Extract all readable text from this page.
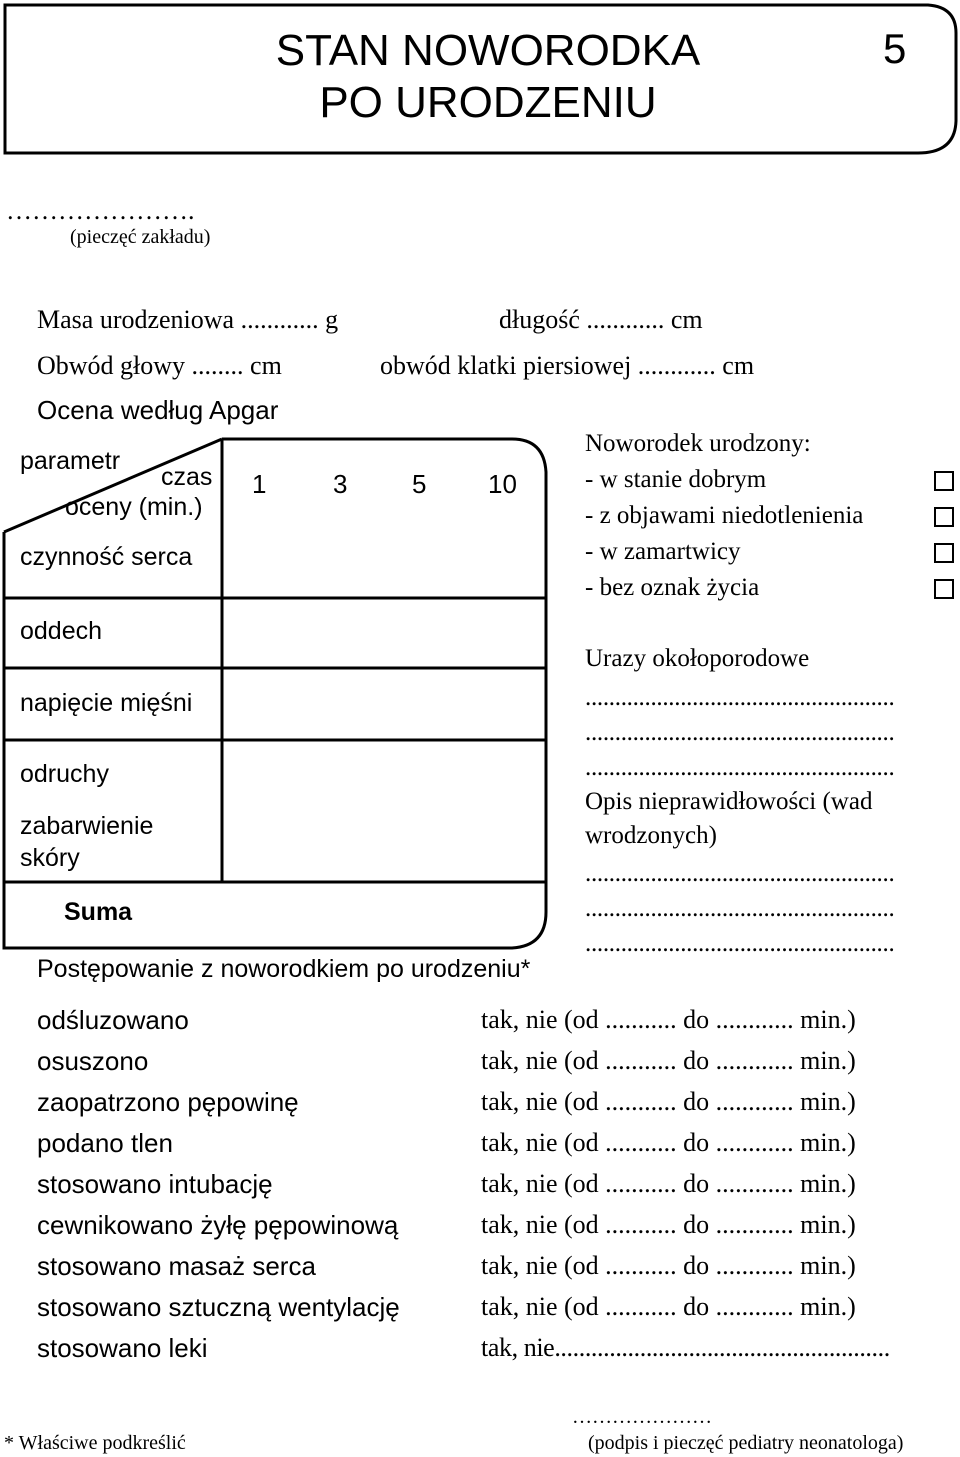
STAN NOWORODKA
PO URODZENIU
5
………………….
(pieczęć zakładu)
Masa urodzeniowa ............ g	długość ............ cm
Obwód głowy ........ cm	obwód klatki piersiowej ............ cm
Ocena według Apgar
parametr
czas
oceny (min.)
1	3 5 10
czynność serca
oddech
napięcie mięśni
odruchy
zabarwienie
skóry
Suma
Noworodek urodzony:
- w stanie dobrym
- z objawami niedotlenienia
- w zamartwicy
- bez oznak życia
Urazy okołoporodowe
....................................................
....................................................
....................................................
Opis nieprawidłowości (wad
wrodzonych)
....................................................
....................................................
....................................................
Postępowanie z noworodkiem po urodzeniu*
odśluzowano	tak, nie (od ........... do ............ min.)
osuszono	tak, nie (od ........... do ............ min.)
zaopatrzono pępowinę	tak, nie (od ........... do ............ min.)
podano tlen	tak, nie (od ........... do ............ min.)
stosowano intubację	tak, nie (od ........... do ............ min.)
cewnikowano żyłę pępowinową	tak, nie (od ........... do ............ min.)
stosowano masaż serca	tak, nie (od ........... do ............ min.)
stosowano sztuczną wentylację	tak, nie (od ........... do ............ min.)
stosowano leki	tak, nie.......................................................
* Właściwe podkreślić
…………………
(podpis i pieczęć pediatry neonatologa)
